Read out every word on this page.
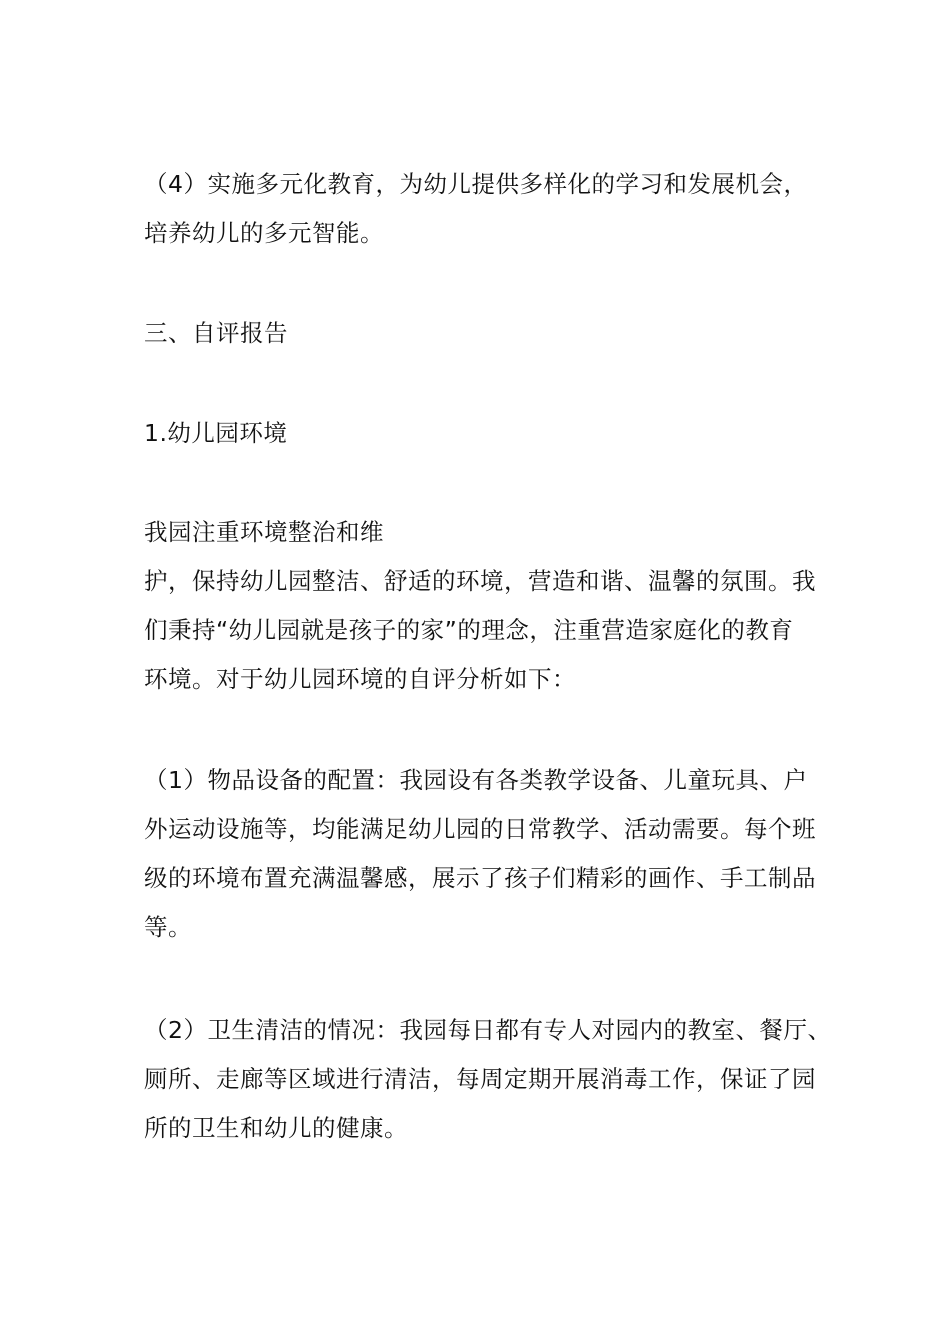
（4）实施多元化教育，为幼儿提供多样化的学习和发展机会，
培养幼儿的多元智能。

三、自评报告

1.幼儿园环境

我园注重环境整治和维
护，保持幼儿园整洁、舒适的环境，营造和谐、温馨的氛围。我
们秉持“幼儿园就是孩子的家”的理念，注重营造家庭化的教育
环境。对于幼儿园环境的自评分析如下：

（1）物品设备的配置：我园设有各类教学设备、儿童玩具、户
外运动设施等，均能满足幼儿园的日常教学、活动需要。每个班
级的环境布置充满温馨感，展示了孩子们精彩的画作、手工制品
等。

（2）卫生清洁的情况：我园每日都有专人对园内的教室、餐厅、
厕所、走廊等区域进行清洁，每周定期开展消毒工作，保证了园
所的卫生和幼儿的健康。
